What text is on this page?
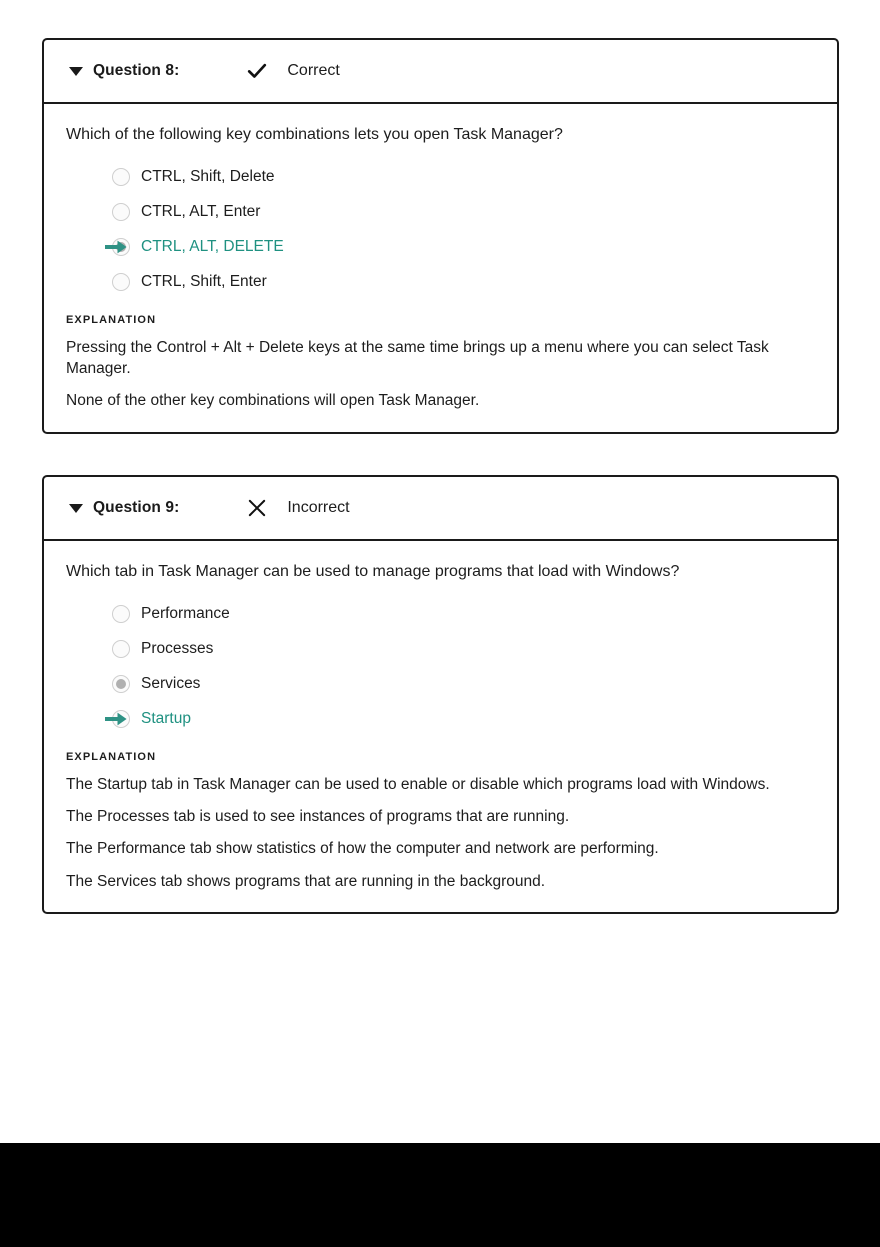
Question 8:	Correct
Which of the following key combinations lets you open Task Manager?
CTRL, Shift, Delete
CTRL, ALT, Enter
CTRL, ALT, DELETE
CTRL, Shift, Enter
EXPLANATION

Pressing the Control + Alt + Delete keys at the same time brings up a menu where you can select Task Manager.

None of the other key combinations will open Task Manager.

Question 9:	Incorrect
Which tab in Task Manager can be used to manage programs that load with Windows?
Performance
Processes
Services
Startup
EXPLANATION

The Startup tab in Task Manager can be used to enable or disable which programs load with Windows.

The Processes tab is used to see instances of programs that are running.

The Performance tab show statistics of how the computer and network are performing.

The Services tab shows programs that are running in the background.
